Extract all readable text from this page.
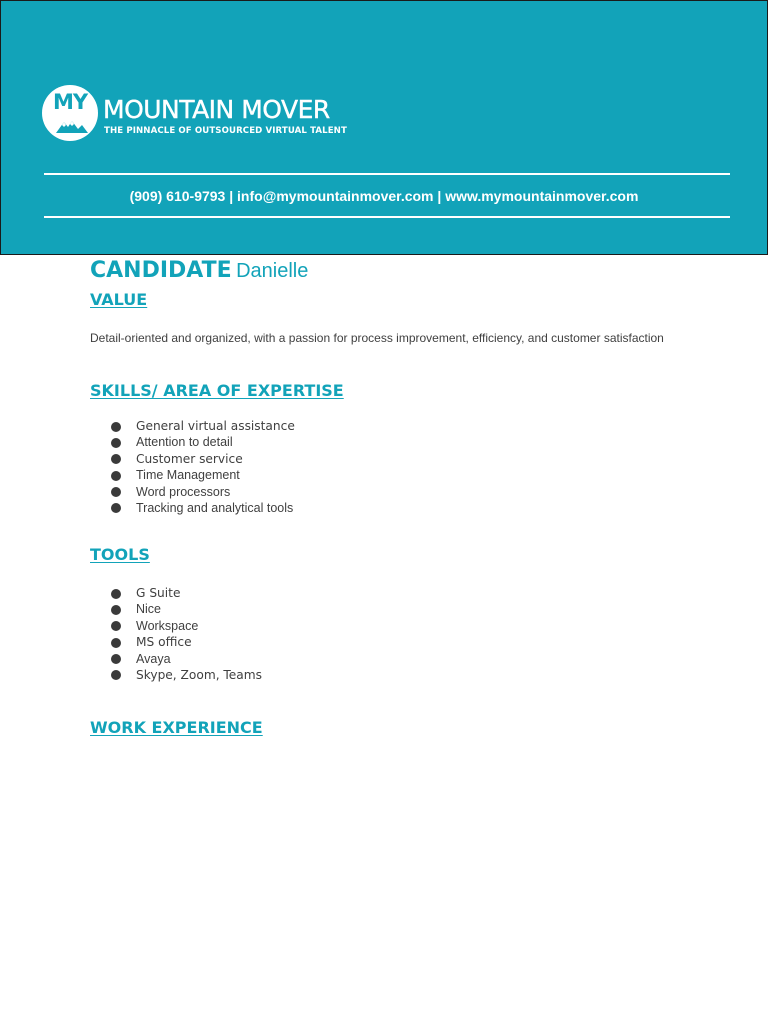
MY MOUNTAIN MOVER
THE PINNACLE OF OUTSOURCED VIRTUAL TALENT
(909) 610-9793 | info@mymountainmover.com | www.mymountainmover.com
CANDIDATE Danielle
VALUE
Detail-oriented and organized, with a passion for process improvement, efficiency, and customer satisfaction
SKILLS/ AREA OF EXPERTISE
General virtual assistance
Attention to detail
Customer service
Time Management
Word processors
Tracking and analytical tools
TOOLS
G Suite
Nice
Workspace
MS office
Avaya
Skype, Zoom, Teams
WORK EXPERIENCE
